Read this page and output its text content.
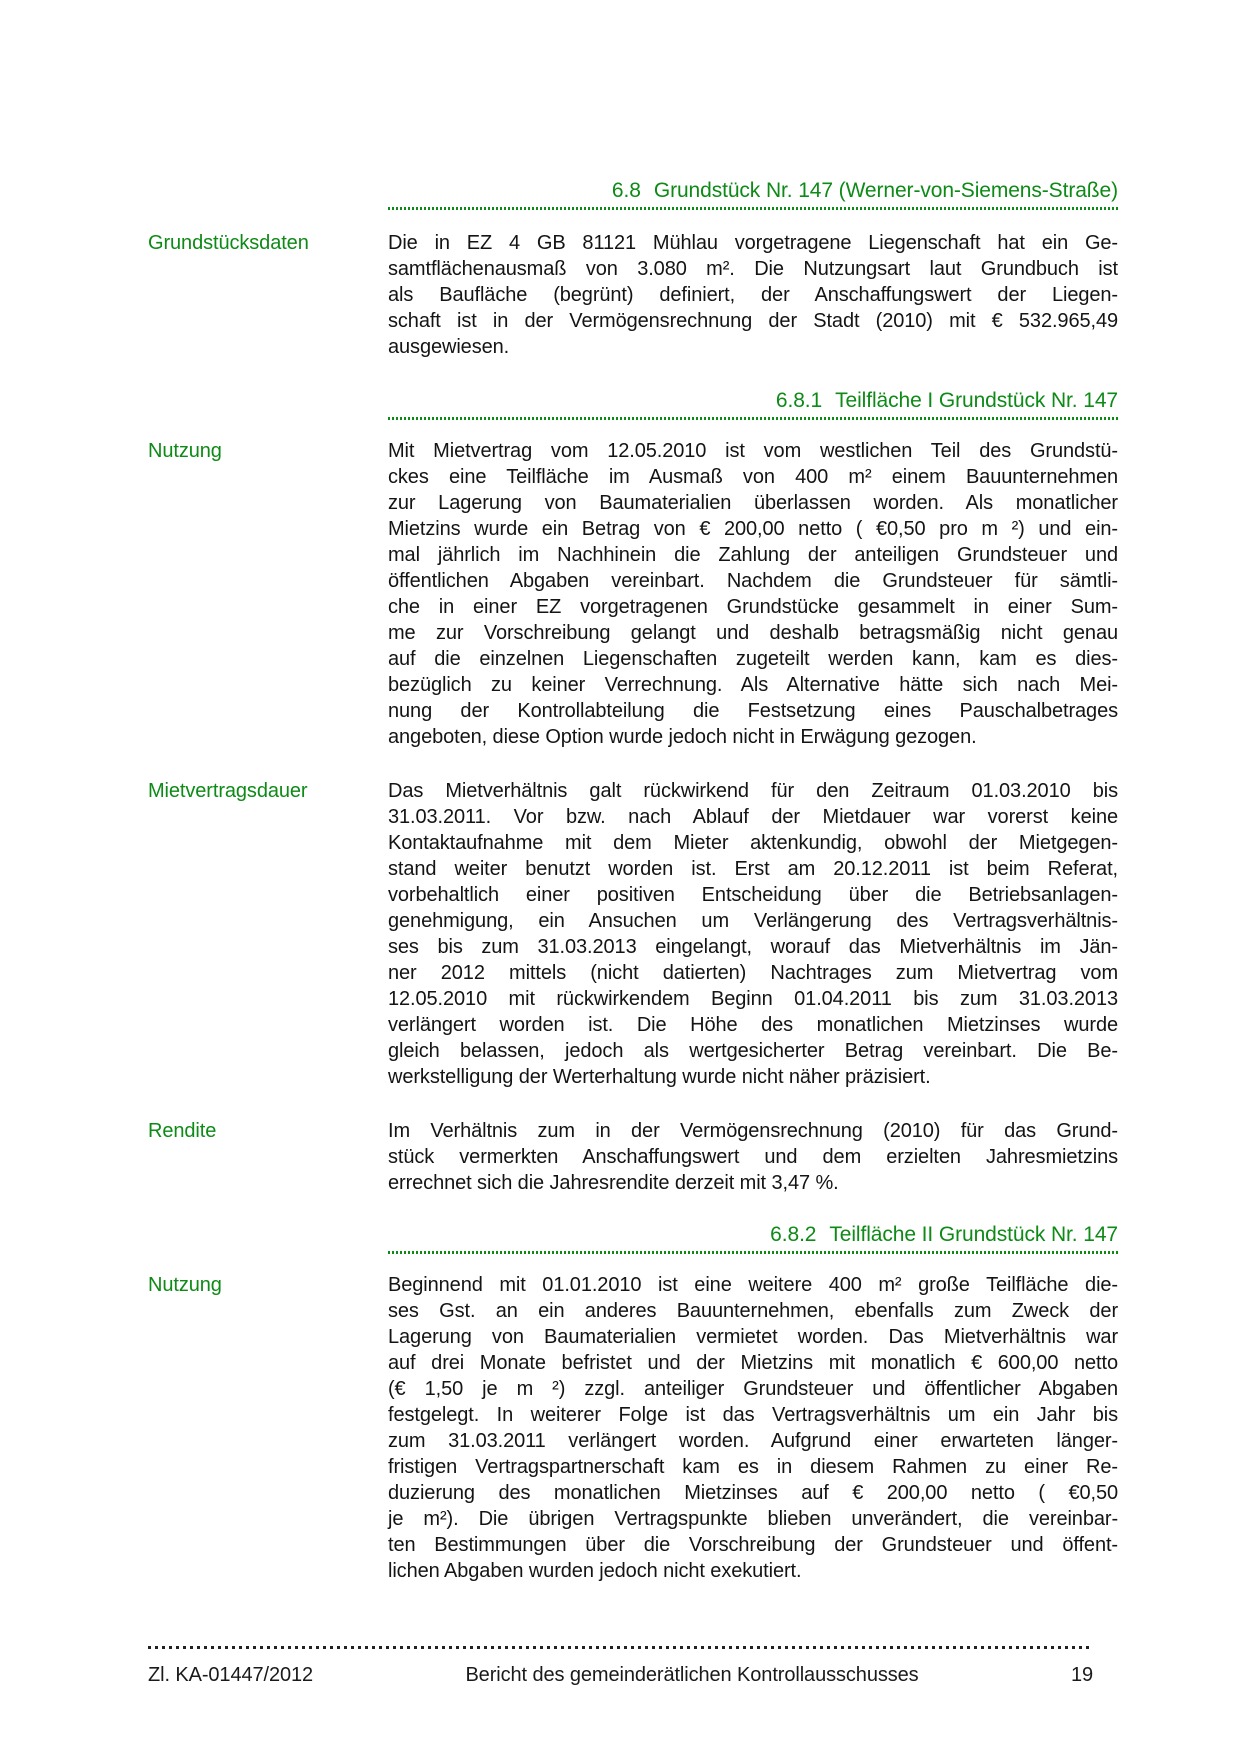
6.8 Grundstück Nr. 147 (Werner-von-Siemens-Straße)
Grundstücksdaten	Die in EZ 4 GB 81121 Mühlau vorgetragene Liegenschaft hat ein Ge-
samtflächenausmaß von 3.080 m². Die Nutzungsart laut Grundbuch ist
als Baufläche (begrünt) definiert, der Anschaffungswert der Liegen-
schaft ist in der Vermögensrechnung der Stadt (2010) mit € 532.965,49
ausgewiesen.
6.8.1 Teilfläche I Grundstück Nr. 147
Nutzung	Mit Mietvertrag vom 12.05.2010 ist vom westlichen Teil des Grundstü-
ckes eine Teilfläche im Ausmaß von 400 m² einem Bauunternehmen
zur Lagerung von Baumaterialien überlassen worden. Als monatlicher
Mietzins wurde ein Betrag von € 200,00 netto ( €0,50 pro m ²) und ein-
mal jährlich im Nachhinein die Zahlung der anteiligen Grundsteuer und
öffentlichen Abgaben vereinbart. Nachdem die Grundsteuer für sämtli-
che in einer EZ vorgetragenen Grundstücke gesammelt in einer Sum-
me zur Vorschreibung gelangt und deshalb betragsmäßig nicht genau
auf die einzelnen Liegenschaften zugeteilt werden kann, kam es dies-
bezüglich zu keiner Verrechnung. Als Alternative hätte sich nach Mei-
nung der Kontrollabteilung die Festsetzung eines Pauschalbetrages
angeboten, diese Option wurde jedoch nicht in Erwägung gezogen.
Mietvertragsdauer	Das Mietverhältnis galt rückwirkend für den Zeitraum 01.03.2010 bis
31.03.2011. Vor bzw. nach Ablauf der Mietdauer war vorerst keine
Kontaktaufnahme mit dem Mieter aktenkundig, obwohl der Mietgegen-
stand weiter benutzt worden ist. Erst am 20.12.2011 ist beim Referat,
vorbehaltlich einer positiven Entscheidung über die Betriebsanlagen-
genehmigung, ein Ansuchen um Verlängerung des Vertragsverhältnis-
ses bis zum 31.03.2013 eingelangt, worauf das Mietverhältnis im Jän-
ner 2012 mittels (nicht datierten) Nachtrages zum Mietvertrag vom
12.05.2010 mit rückwirkendem Beginn 01.04.2011 bis zum 31.03.2013
verlängert worden ist. Die Höhe des monatlichen Mietzinses wurde
gleich belassen, jedoch als wertgesicherter Betrag vereinbart. Die Be-
werkstelligung der Werterhaltung wurde nicht näher präzisiert.
Rendite	Im Verhältnis zum in der Vermögensrechnung (2010) für das Grund-
stück vermerkten Anschaffungswert und dem erzielten Jahresmietzins
errechnet sich die Jahresrendite derzeit mit 3,47 %.
6.8.2 Teilfläche II Grundstück Nr. 147
Nutzung	Beginnend mit 01.01.2010 ist eine weitere 400 m² große Teilfläche die-
ses Gst. an ein anderes Bauunternehmen, ebenfalls zum Zweck der
Lagerung von Baumaterialien vermietet worden. Das Mietverhältnis war
auf drei Monate befristet und der Mietzins mit monatlich € 600,00 netto
(€ 1,50 je m ²) zzgl. anteiliger Grundsteuer und öffentlicher Abgaben
festgelegt. In weiterer Folge ist das Vertragsverhältnis um ein Jahr bis
zum 31.03.2011 verlängert worden. Aufgrund einer erwarteten länger-
fristigen Vertragspartnerschaft kam es in diesem Rahmen zu einer Re-
duzierung des monatlichen Mietzinses auf € 200,00 netto ( €0,50
je m²). Die übrigen Vertragspunkte blieben unverändert, die vereinbar-
ten Bestimmungen über die Vorschreibung der Grundsteuer und öffent-
lichen Abgaben wurden jedoch nicht exekutiert.
Zl. KA-01447/2012	Bericht des gemeinderätlichen Kontrollausschusses	19
